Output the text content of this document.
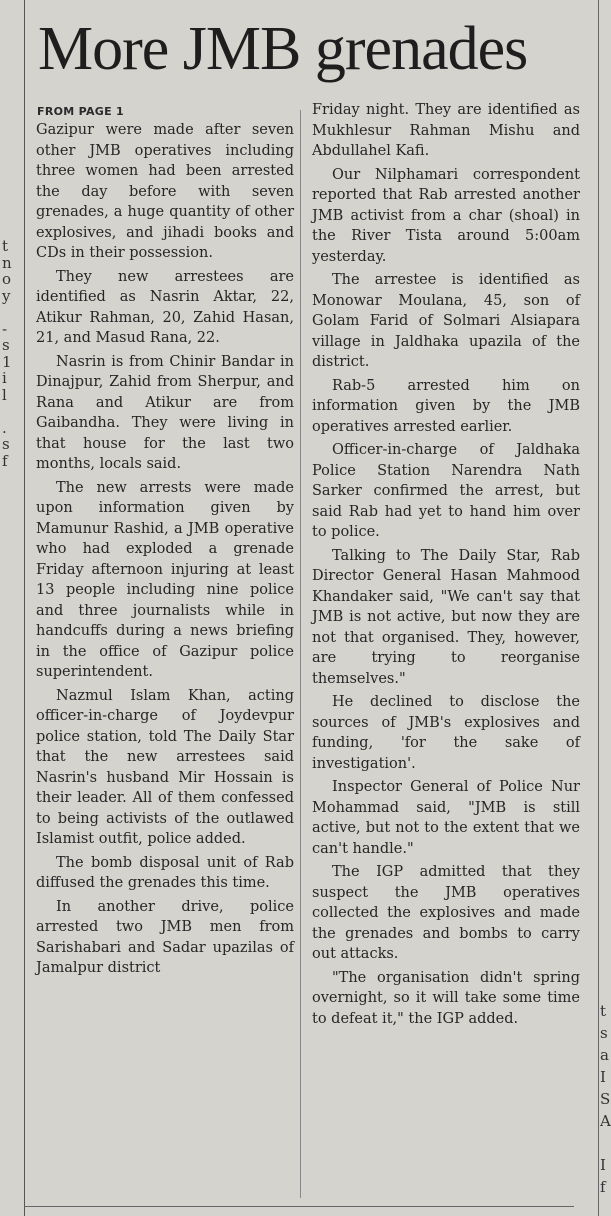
t
n
o
y

-
s
1
i
l

.
s
f
t
s
a
I
S
A

I
f
More JMB grenades
FROM PAGE 1

Gazipur were made after seven other JMB operatives including three women had been arrested the day before with seven grenades, a huge quantity of other explosives, and jihadi books and CDs in their possession.

They new arrestees are identified as Nasrin Aktar, 22, Atikur Rahman, 20, Zahid Hasan, 21, and Masud Rana, 22.

Nasrin is from Chinir Bandar in Dinajpur, Zahid from Sherpur, and Rana and Atikur are from Gaibandha. They were living in that house for the last two months, locals said.

The new arrests were made upon information given by Mamunur Rashid, a JMB operative who had exploded a grenade Friday afternoon injuring at least 13 people including nine police and three journalists while in handcuffs during a news briefing in the office of Gazipur police superintendent.

Nazmul Islam Khan, acting officer-in-charge of Joydevpur police station, told The Daily Star that the new arrestees said Nasrin's husband Mir Hossain is their leader. All of them confessed to being activists of the outlawed Islamist outfit, police added.

The bomb disposal unit of Rab diffused the grenades this time.

In another drive, police arrested two JMB men from Sarishabari and Sadar upazilas of Jamalpur district

Friday night. They are identified as Mukhlesur Rahman Mishu and Abdullahel Kafi.

Our Nilphamari correspondent reported that Rab arrested another JMB activist from a char (shoal) in the River Tista around 5:00am yesterday.

The arrestee is identified as Monowar Moulana, 45, son of Golam Farid of Solmari Alsiapara village in Jaldhaka upazila of the district.

Rab-5 arrested him on information given by the JMB operatives arrested earlier.

Officer-in-charge of Jaldhaka Police Station Narendra Nath Sarker confirmed the arrest, but said Rab had yet to hand him over to police.

Talking to The Daily Star, Rab Director General Hasan Mahmood Khandaker said, "We can't say that JMB is not active, but now they are not that organised. They, however, are trying to reorganise themselves."

He declined to disclose the sources of JMB's explosives and funding, 'for the sake of investigation'.

Inspector General of Police Nur Mohammad said, "JMB is still active, but not to the extent that we can't handle."

The IGP admitted that they suspect the JMB operatives collected the explosives and made the grenades and bombs to carry out attacks.

"The organisation didn't spring overnight, so it will take some time to defeat it," the IGP added.
